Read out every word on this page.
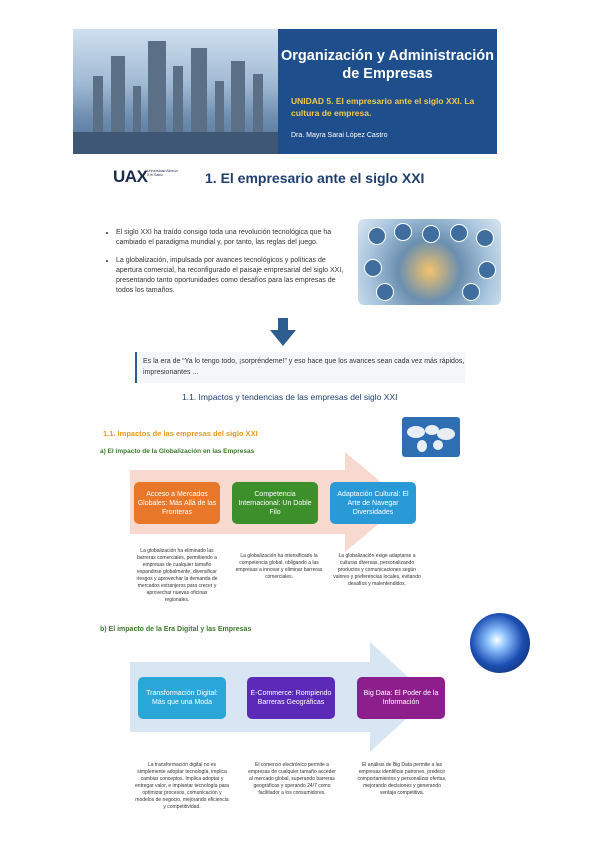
Organización y Administración de Empresas
UNIDAD 5. El empresario ante el siglo XXI. La cultura de empresa.
Dra. Mayra Sarai López Castro
UAX Universidad Alfonso X el Sabio	1. El empresario ante el siglo XXI
• El siglo XXI ha traído consigo toda una revolución tecnológica que ha cambiado el paradigma mundial y, por tanto, las reglas del juego.
• La globalización, impulsada por avances tecnológicos y políticas de apertura comercial, ha reconfigurado el paisaje empresarial del siglo XXI, presentando tanto oportunidades como desafíos para las empresas de todos los tamaños.
Es la era de “Ya lo tengo todo, ¡sorpréndeme!” y eso hace que los avances sean cada vez más rápidos, impresionantes ...
1.1. Impactos y tendencias de las empresas del siglo XXI
1.1. Impactos de las empresas del siglo XXI
a) El impacto de la Globalización en las Empresas
Acceso a Mercados Globales: Más Allá de las Fronteras
Competencia Internacional: Un Doble Filo
Adaptación Cultural: El Arte de Navegar Diversidades
La globalización ha eliminado las barreras comerciales, permitiendo a empresas de cualquier tamaño expandirse globalmente, diversificar riesgos y aprovechar la demanda de mercados extranjeros para crecer y aprovechar nuevas oficinas regionales.
La globalización ha intensificado la competencia global, obligando a las empresas a innovar y eliminar barreras comerciales.
La globalización exige adaptarse a culturas diversas, personalizando productos y comunicaciones según valores y preferencias locales, evitando desafíos y malentendidos.
b) El impacto de la Era Digital y las Empresas
Transformación Digital: Más que una Moda
E-Commerce: Rompiendo Barreras Geográficas
Big Data: El Poder de la Información
La transformación digital no es simplemente adoptar tecnología, implica cambiar conceptos. Implica adoptar y entregar valor, e implantar tecnología para optimizar procesos, comunicación y modelos de negocio, mejorando eficiencia y competitividad.
El comercio electrónico permite a empresas de cualquier tamaño acceder al mercado global, superando barreras geográficas y operando 24/7 como facilitador a los consumidores.
El análisis de Big Data permite a las empresas identificar patrones, predecir comportamientos y personalizar ofertas, mejorando decisiones y generando ventaja competitiva.
